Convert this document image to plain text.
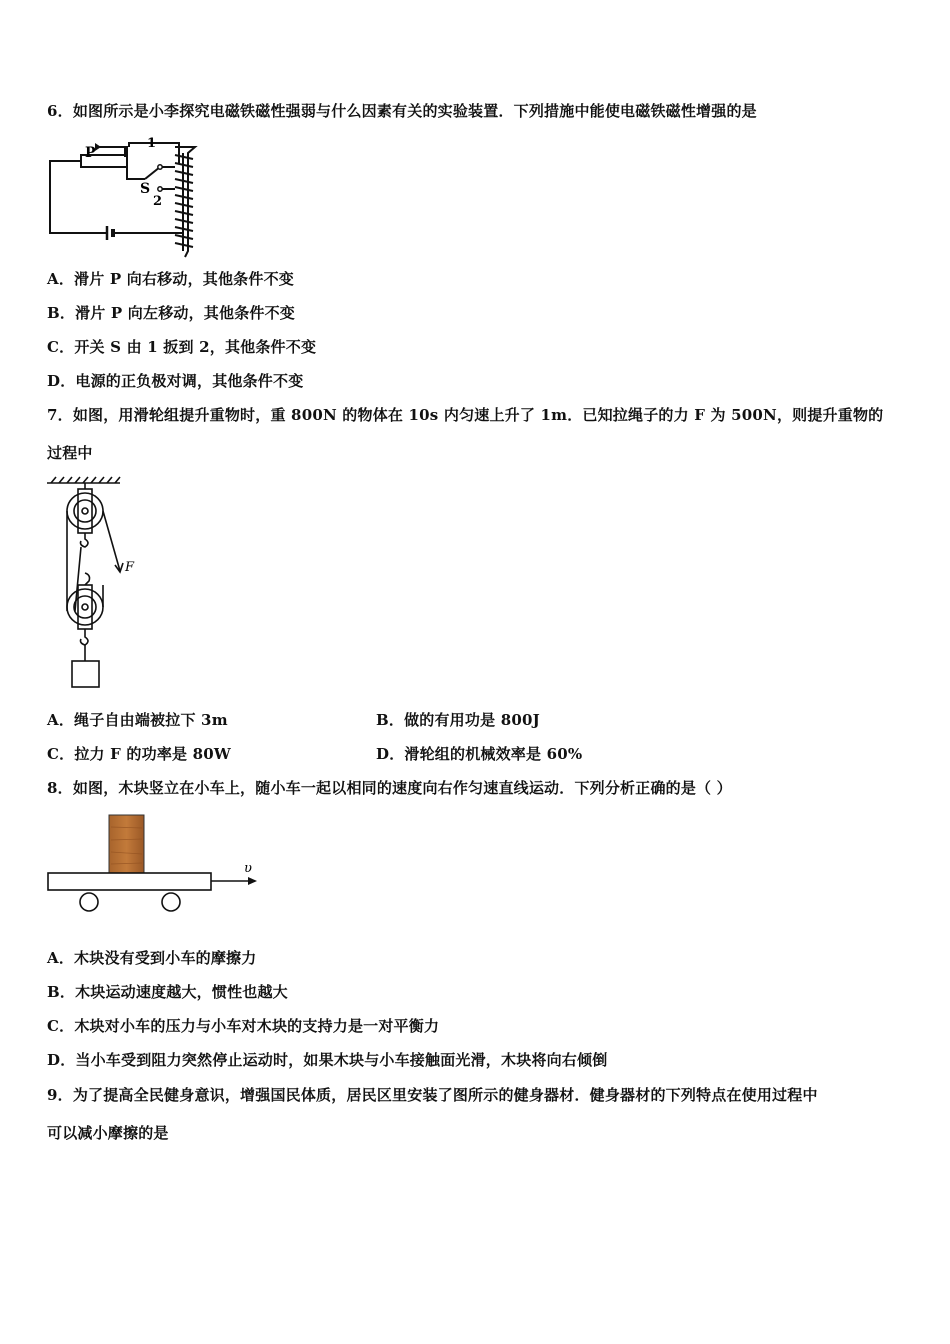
6．如图所示是小李探究电磁铁磁性强弱与什么因素有关的实验装置．下列措施中能使电磁铁磁性增强的是
P
1
S
2
A．滑片 P 向右移动，其他条件不变
B．滑片 P 向左移动，其他条件不变
C．开关 S 由 1 扳到 2，其他条件不变
D．电源的正负极对调，其他条件不变
7．如图，用滑轮组提升重物时，重 800N 的物体在 10s 内匀速上升了 1m．已知拉绳子的力 F 为 500N，则提升重物的
过程中
F
A．绳子自由端被拉下 3m	B．做的有用功是 800J
C．拉力 F 的功率是 80W	D．滑轮组的机械效率是 60%
8．如图，木块竖立在小车上，随小车一起以相同的速度向右作匀速直线运动．下列分析正确的是（ ）
υ
A．木块没有受到小车的摩擦力
B．木块运动速度越大，惯性也越大
C．木块对小车的压力与小车对木块的支持力是一对平衡力
D．当小车受到阻力突然停止运动时，如果木块与小车接触面光滑，木块将向右倾倒
9．为了提高全民健身意识，增强国民体质，居民区里安装了图所示的健身器材．健身器材的下列特点在使用过程中
可以减小摩擦的是
